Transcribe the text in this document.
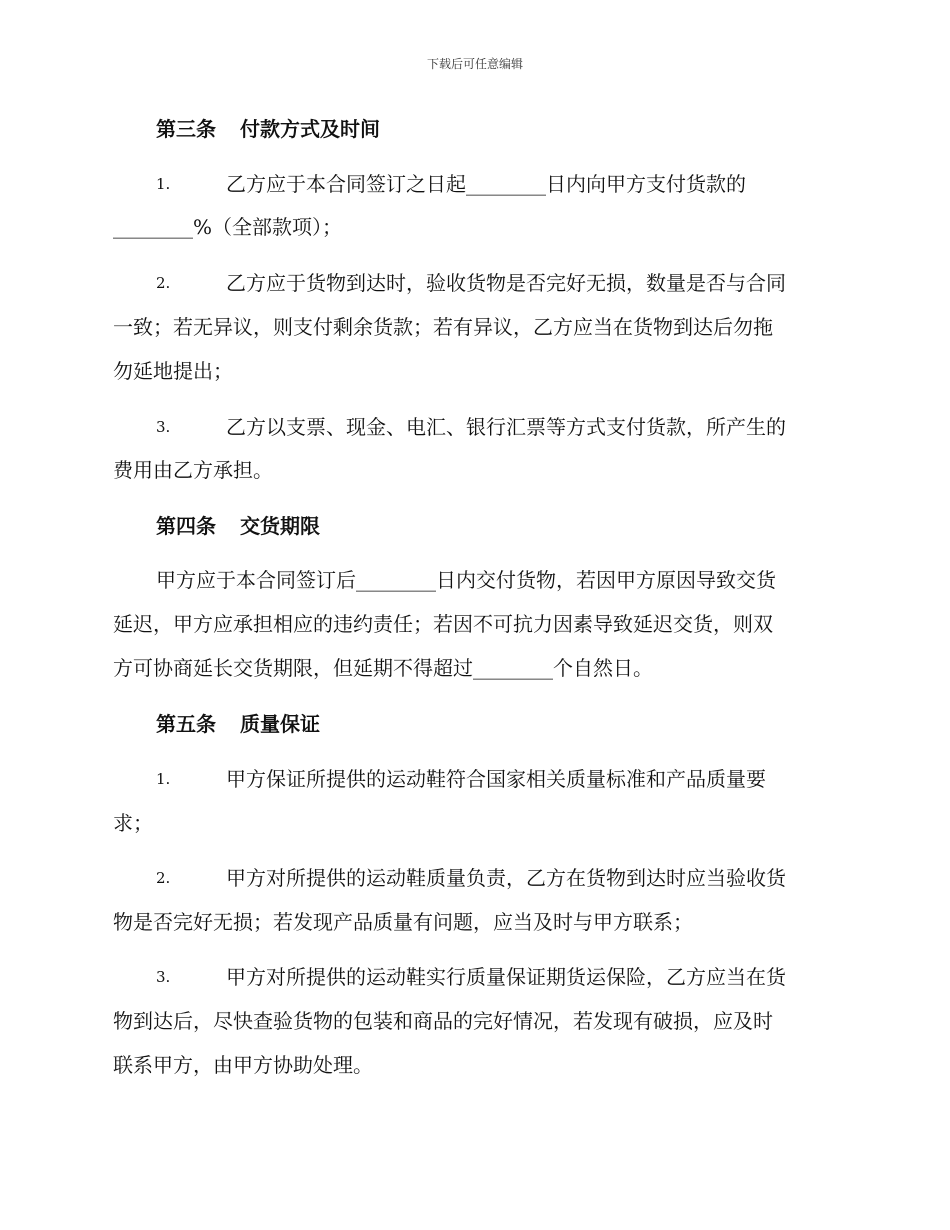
下载后可任意编辑
第三条 付款方式及时间
1.	乙方应于本合同签订之日起________日内向甲方支付货款的
________%（全部款项）；
2.	乙方应于货物到达时，验收货物是否完好无损，数量是否与合同
一致；若无异议，则支付剩余货款；若有异议，乙方应当在货物到达后勿拖
勿延地提出；
3.	乙方以支票、现金、电汇、银行汇票等方式支付货款，所产生的
费用由乙方承担。
第四条 交货期限
甲方应于本合同签订后________日内交付货物，若因甲方原因导致交货
延迟，甲方应承担相应的违约责任；若因不可抗力因素导致延迟交货，则双
方可协商延长交货期限，但延期不得超过________个自然日。
第五条 质量保证
1.	甲方保证所提供的运动鞋符合国家相关质量标准和产品质量要
求；
2.	甲方对所提供的运动鞋质量负责，乙方在货物到达时应当验收货
物是否完好无损；若发现产品质量有问题，应当及时与甲方联系；
3.	甲方对所提供的运动鞋实行质量保证期货运保险，乙方应当在货
物到达后，尽快查验货物的包装和商品的完好情况，若发现有破损，应及时
联系甲方，由甲方协助处理。
